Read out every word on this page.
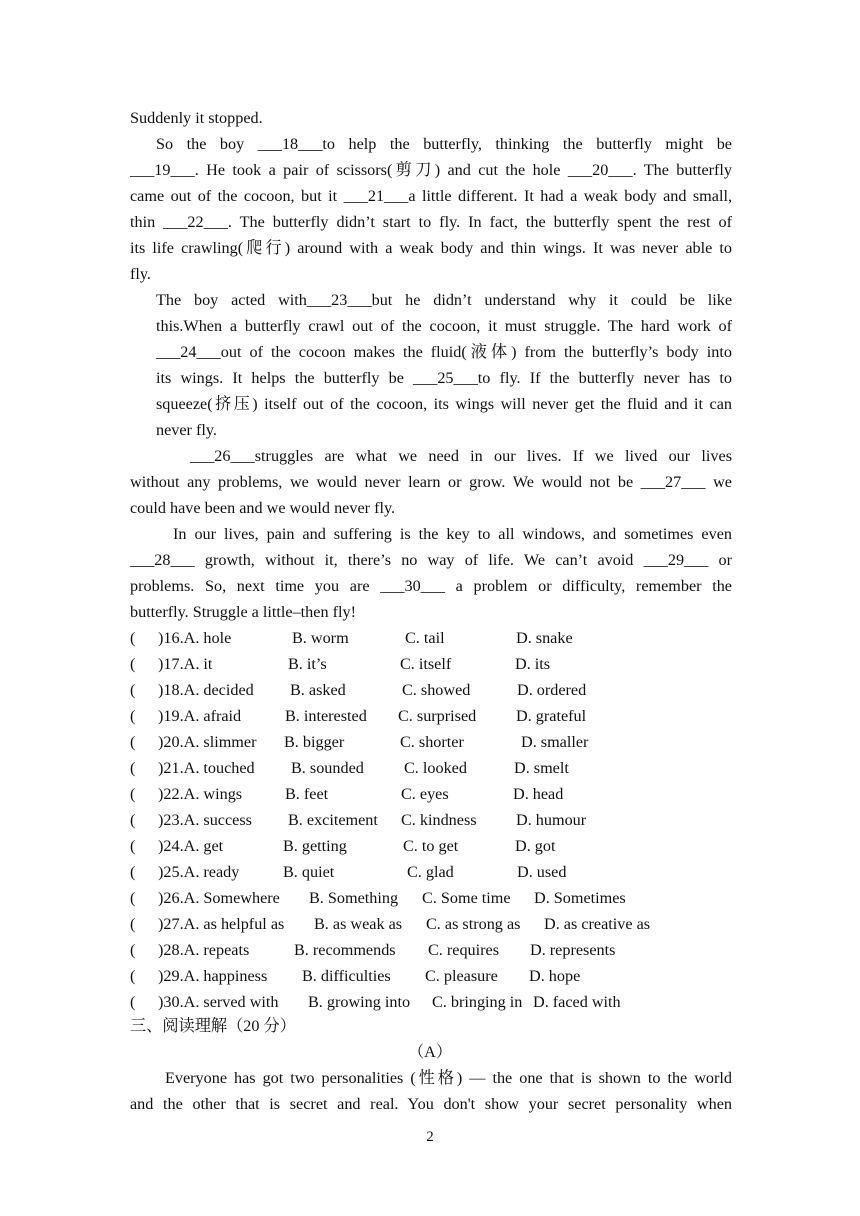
Suddenly it stopped.
So the boy ___18___to help the butterfly, thinking the butterfly might be
___19___. He took a pair of scissors(剪刀) and cut the hole ___20___. The butterfly
came out of the cocoon, but it ___21___a little different. It had a weak body and small,
thin ___22___. The butterfly didn’t start to fly. In fact, the butterfly spent the rest of
its life crawling(爬行) around with a weak body and thin wings. It was never able to
fly.
The boy acted with___23___but he didn’t understand why it could be like
this.When a butterfly crawl out of the cocoon, it must struggle. The hard work of
___24___out of the cocoon makes the fluid(液体) from the butterfly’s body into
its wings. It helps the butterfly be ___25___to fly. If the butterfly never has to
squeeze(挤压) itself out of the cocoon, its wings will never get the fluid and it can
never fly.
___26___struggles are what we need in our lives. If we lived our lives
without any problems, we would never learn or grow. We would not be ___27___ we
could have been and we would never fly.
In our lives, pain and suffering is the key to all windows, and sometimes even
___28___ growth, without it, there’s no way of life. We can’t avoid ___29___ or
problems. So, next time you are ___30___ a problem or difficulty, remember the
butterfly. Struggle a little–then fly!
( )16. A. hole	B. worm	C. tail	D. snake
( )17. A. it	B. it’s	C. itself	D. its
( )18. A. decided B. asked	C. showed	D. ordered
( )19. A. afraid	B. interested C. surprised D. grateful
( )20. A. slimmer B. bigger	C. shorter	D. smaller
( )21. A. touched B. sounded C. looked	D. smelt
( )22. A. wings	B. feet	C. eyes	D. head
( )23. A. success B. excitement C. kindness D. humour
( )24. A. get	B. getting	C. to get	D. got
( )25. A. ready	B. quiet	C. glad	D. used
( )26. A. Somewhere B. Something C. Some time D. Sometimes
( )27. A. as helpful as B. as weak as C. as strong as D. as creative as
( )28. A. repeats	B. recommends C. requires D. represents
( )29. A. happiness B. difficulties C. pleasure D. hope
( )30. A. served with B. growing into C. bringing in D. faced with
三、阅读理解（20 分）
（A）
Everyone has got two personalities (性格) — the one that is shown to the world
and the other that is secret and real. You don't show your secret personality when
2
